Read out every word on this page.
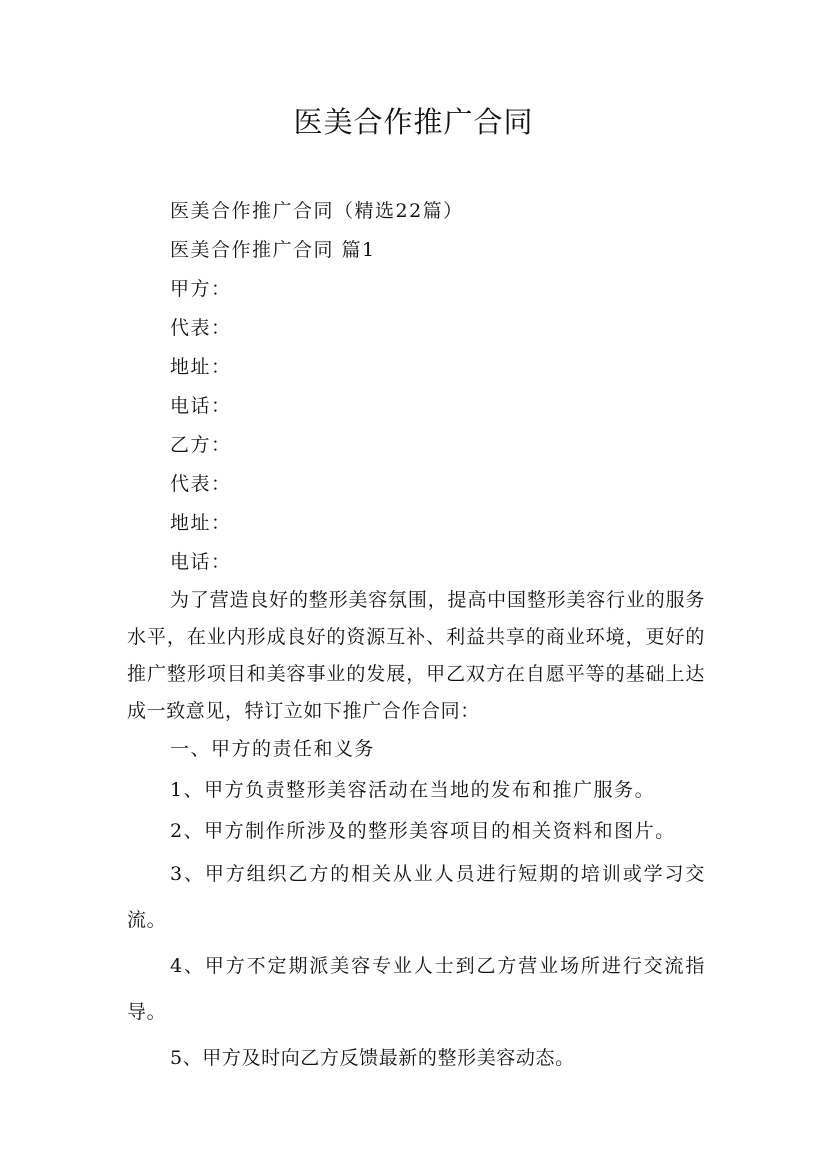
医美合作推广合同
医美合作推广合同（精选22篇）
医美合作推广合同 篇1
甲方：
代表：
地址：
电话：
乙方：
代表：
地址：
电话：

为了营造良好的整形美容氛围，提高中国整形美容行业的服务水平，在业内形成良好的资源互补、利益共享的商业环境，更好的推广整形项目和美容事业的发展，甲乙双方在自愿平等的基础上达成一致意见，特订立如下推广合作合同：

一、甲方的责任和义务
1、甲方负责整形美容活动在当地的发布和推广服务。
2、甲方制作所涉及的整形美容项目的相关资料和图片。

3、甲方组织乙方的相关从业人员进行短期的培训或学习交流。

4、甲方不定期派美容专业人士到乙方营业场所进行交流指导。

5、甲方及时向乙方反馈最新的整形美容动态。
